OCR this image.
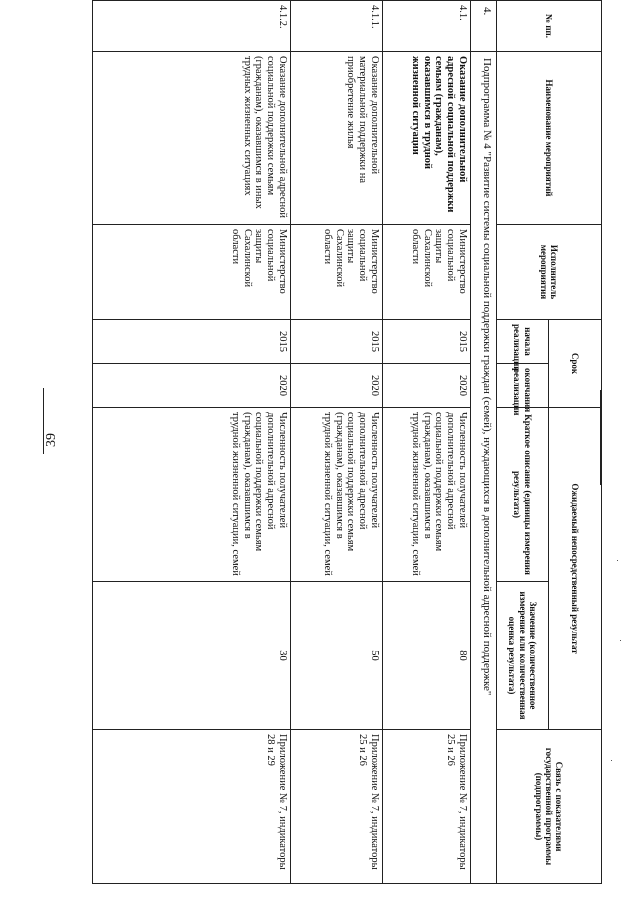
39
№ пп.	Наименование мероприятий	Исполнитель мероприятия	Срок		Ожидаемый непосредственный результат		Связь с показателями государственной программы (подпрограммы)
			начала реализации	окончания реализации	Краткое описание (единицы измерения результата)	Значение (количественное измерение или количественная оценка результата)	
4.	Подпрограмма № 4 "Развитие системы социальной поддержки граждан (семей), нуждающихся в дополнительной адресной поддержке"						
4.1.	Оказание дополнительной адресной социальной поддержки семьям (гражданам), оказавшимся в трудной жизненной ситуации	Министерство социальной защиты Сахалинской области	2015	2020	Численность получателей дополнительной адресной социальной поддержки семьям (гражданам), оказавшимся в трудной жизненной ситуации, семей	80	Приложение № 7, индикаторы 25 и 26
4.1.1.	Оказание дополнительной материальной поддержки на приобретение жилья	Министерство социальной защиты Сахалинской области	2015	2020	Численность получателей дополнительной адресной социальной поддержки семьям (гражданам), оказавшимся в трудной жизненной ситуации, семей	50	Приложение № 7, индикаторы 25 и 26
4.1.2.	Оказание дополнительной адресной социальной поддержки семьям (гражданам), оказавшимся в иных трудных жизненных ситуациях	Министерство социальной защиты Сахалинской области	2015	2020	Численность получателей дополнительной адресной социальной поддержки семьям (гражданам), оказавшимся в трудной жизненной ситуации, семей	30	Приложение № 7, индикаторы 28 и 29
